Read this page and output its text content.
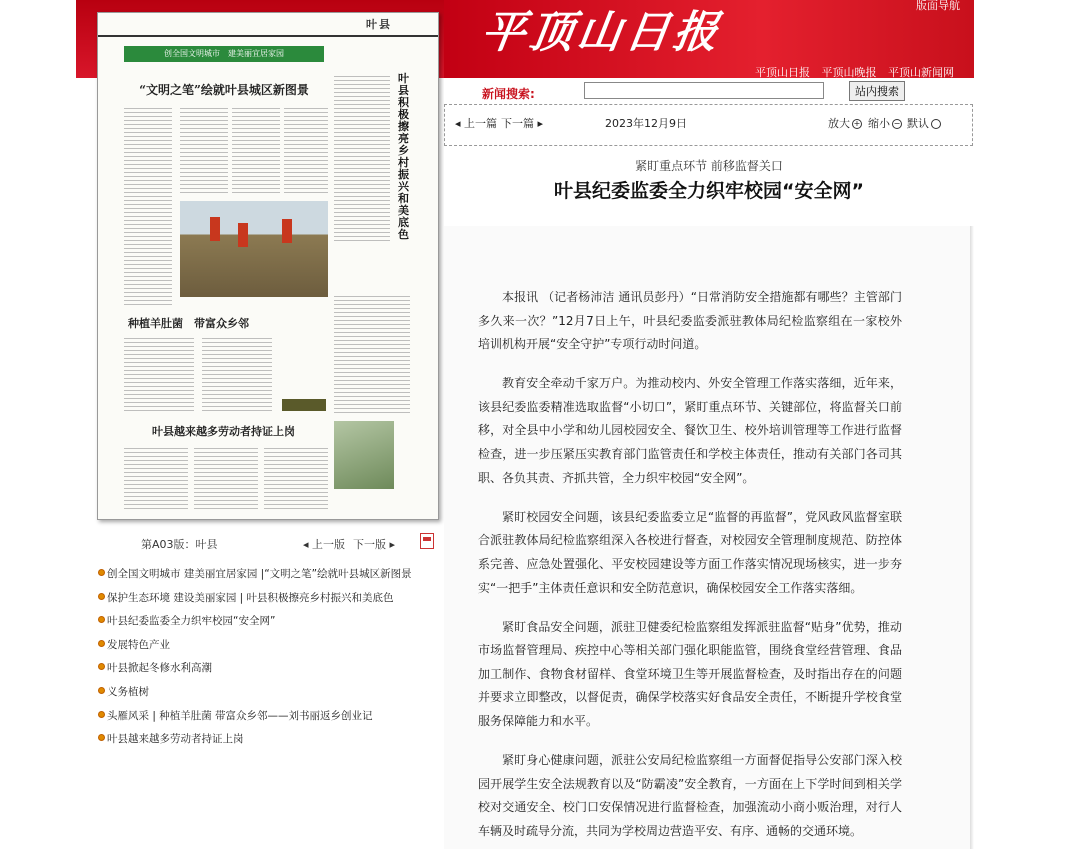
叶县
创全国文明城市　建美丽宜居家园
“文明之笔”绘就叶县城区新图景
叶县积极擦亮乡村振兴和美底色
种植羊肚菌　带富众乡邻
叶县越来越多劳动者持证上岗
第A03版：叶县	◂ 上一版 下一版 ▸
创全国文明城市 建美丽宜居家园 |“文明之笔”绘就叶县城区新图景
保护生态环境 建设美丽家园 | 叶县积极擦亮乡村振兴和美底色
叶县纪委监委全力织牢校园“安全网”
发展特色产业
叶县掀起冬修水利高潮
义务植树
头雁风采 | 种植羊肚菌 带富众乡邻——刘书丽返乡创业记
叶县越来越多劳动者持证上岗
平顶山日报
版面导航
平顶山日报 平顶山晚报 平顶山新闻网
新闻搜索:	站内搜索
◂ 上一篇 下一篇 ▸	2023年12月9日	放大 + 缩小 − 默认
紧盯重点环节 前移监督关口
叶县纪委监委全力织牢校园“安全网”

本报讯 （记者杨沛洁 通讯员彭丹）“日常消防安全措施都有哪些？主管部门多久来一次？”12月7日上午，叶县纪委监委派驻教体局纪检监察组在一家校外培训机构开展“安全守护”专项行动时问道。

教育安全牵动千家万户。为推动校内、外安全管理工作落实落细，近年来，该县纪委监委精准选取监督“小切口”，紧盯重点环节、关键部位，将监督关口前移，对全县中小学和幼儿园校园安全、餐饮卫生、校外培训管理等工作进行监督检查，进一步压紧压实教育部门监管责任和学校主体责任，推动有关部门各司其职、各负其责、齐抓共管，全力织牢校园“安全网”。

紧盯校园安全问题，该县纪委监委立足“监督的再监督”，党风政风监督室联合派驻教体局纪检监察组深入各校进行督查，对校园安全管理制度规范、防控体系完善、应急处置强化、平安校园建设等方面工作落实情况现场核实，进一步夯实“一把手”主体责任意识和安全防范意识，确保校园安全工作落实落细。

紧盯食品安全问题，派驻卫健委纪检监察组发挥派驻监督“贴身”优势，推动市场监督管理局、疾控中心等相关部门强化职能监管，围绕食堂经营管理、食品加工制作、食物食材留样、食堂环境卫生等开展监督检查，及时指出存在的问题并要求立即整改，以督促责，确保学校落实好食品安全责任，不断提升学校食堂服务保障能力和水平。

紧盯身心健康问题，派驻公安局纪检监察组一方面督促指导公安部门深入校园开展学生安全法规教育以及“防霸凌”安全教育，一方面在上下学时间到相关学校对交通安全、校门口安保情况进行监督检查，加强流动小商小贩治理，对行人车辆及时疏导分流，共同为学校周边营造平安、有序、通畅的交通环境。
